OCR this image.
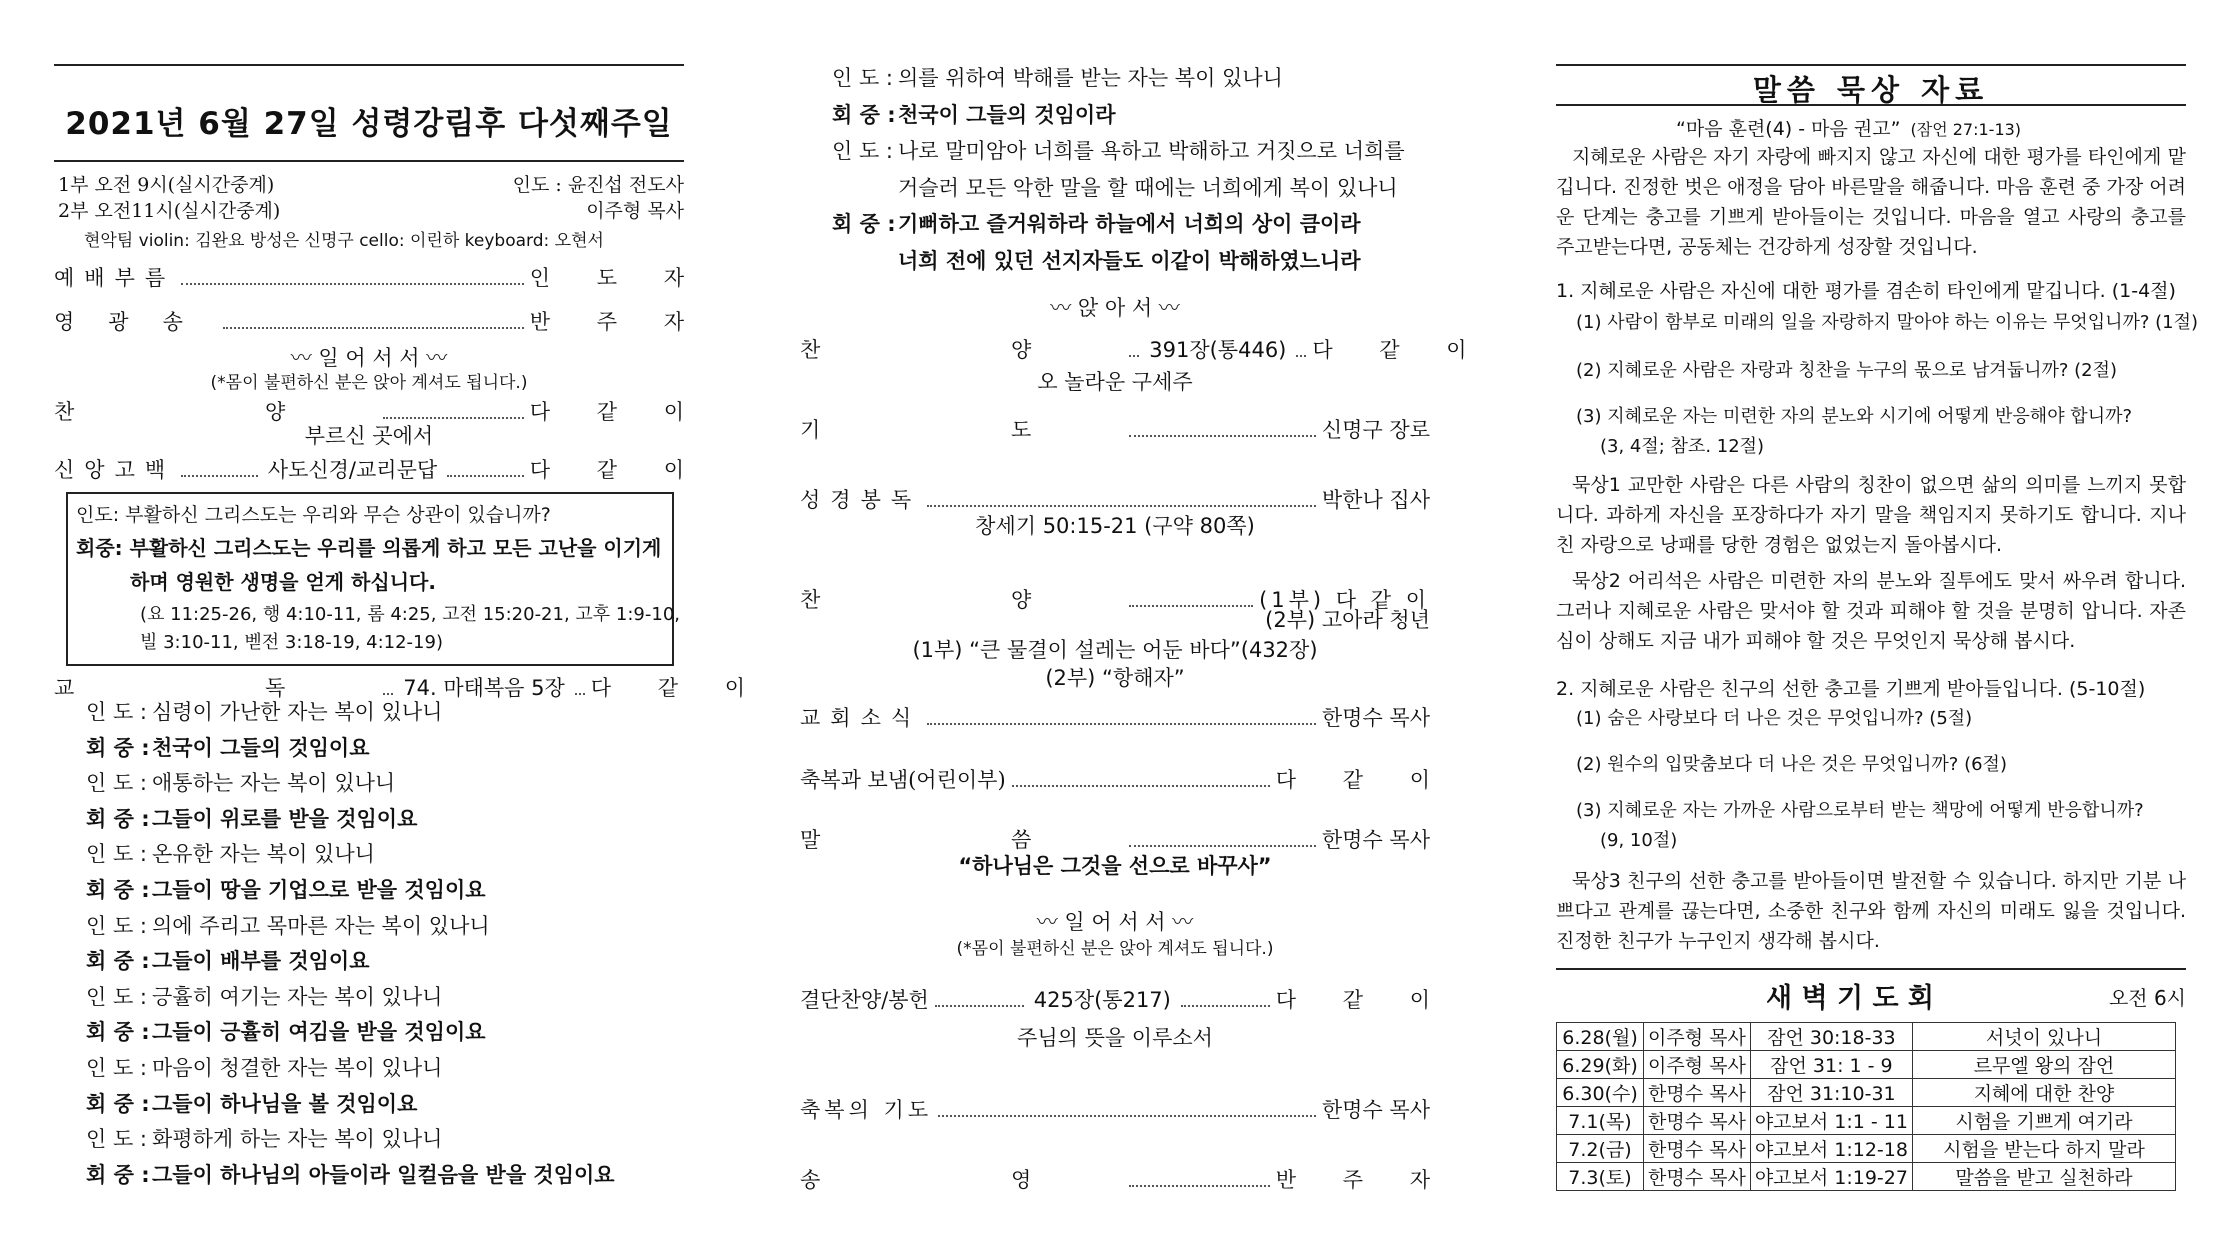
2021년 6월 27일 성령강림후 다섯째주일
1부 오전 9시(실시간중계)	인도 : 윤진섭 전도사
2부 오전11시(실시간중계)	이주형 목사
현악팀 violin: 김완요 방성은 신명구 cello: 이린하 keyboard: 오현서
예배부름	인 도 자
영광송	반 주 자
〰 일 어 서 서 〰
(*몸이 불편하신 분은 앉아 계셔도 됩니다.)
찬 양	다 같 이
부르신 곳에서
신앙고백	사도신경/교리문답	다 같 이
인도: 부활하신 그리스도는 우리와 무슨 상관이 있습니까?
회중: 부활하신 그리스도는 우리를 의롭게 하고 모든 고난을 이기게
하며 영원한 생명을 얻게 하십니다.
(요 11:25-26, 행 4:10-11, 롬 4:25, 고전 15:20-21, 고후 1:9-10,
빌 3:10-11, 벧전 3:18-19, 4:12-19)
교 독 74. 마태복음 5장 다 같 이
인 도 : 심령이 가난한 자는 복이 있나니
회 중 : 천국이 그들의 것임이요
인 도 : 애통하는 자는 복이 있나니
회 중 : 그들이 위로를 받을 것임이요
인 도 : 온유한 자는 복이 있나니
회 중 : 그들이 땅을 기업으로 받을 것임이요
인 도 : 의에 주리고 목마른 자는 복이 있나니
회 중 : 그들이 배부를 것임이요
인 도 : 긍휼히 여기는 자는 복이 있나니
회 중 : 그들이 긍휼히 여김을 받을 것임이요
인 도 : 마음이 청결한 자는 복이 있나니
회 중 : 그들이 하나님을 볼 것임이요
인 도 : 화평하게 하는 자는 복이 있나니
회 중 : 그들이 하나님의 아들이라 일컬음을 받을 것임이요
인 도 : 의를 위하여 박해를 받는 자는 복이 있나니
회 중 : 천국이 그들의 것임이라
인 도 : 나로 말미암아 너희를 욕하고 박해하고 거짓으로 너희를
거슬러 모든 악한 말을 할 때에는 너희에게 복이 있나니
회 중 : 기뻐하고 즐거워하라 하늘에서 너희의 상이 큼이라
너희 전에 있던 선지자들도 이같이 박해하였느니라
〰 앉 아 서 〰
찬 양 391장(통446) 다 같 이
오 놀라운 구세주
기 도	신명구 장로
성경봉독	박한나 집사
창세기 50:15-21 (구약 80쪽)
찬 양	(1부) 다 같 이
(2부) 고아라 청년
(1부) “큰 물결이 설레는 어둔 바다”(432장)
(2부) “항해자”
교회소식	한명수 목사
축복과 보냄(어린이부)	다 같 이
말 씀	한명수 목사
“하나님은 그것을 선으로 바꾸사”
〰 일 어 서 서 〰
(*몸이 불편하신 분은 앉아 계셔도 됩니다.)
결단찬양/봉헌	425장(통217)	다 같 이
주님의 뜻을 이루소서
축복의 기도	한명수 목사
송 영	반 주 자
말씀 묵상 자료
“마음 훈련(4) - 마음 권고” (잠언 27:1-13)
지혜로운 사람은 자기 자랑에 빠지지 않고 자신에 대한 평가를 타인에게 맡깁니다. 진정한 벗은 애정을 담아 바른말을 해줍니다. 마음 훈련 중 가장 어려운 단계는 충고를 기쁘게 받아들이는 것입니다. 마음을 열고 사랑의 충고를 주고받는다면, 공동체는 건강하게 성장할 것입니다.
1. 지혜로운 사람은 자신에 대한 평가를 겸손히 타인에게 맡깁니다. (1-4절)
(1) 사람이 함부로 미래의 일을 자랑하지 말아야 하는 이유는 무엇입니까? (1절)
(2) 지혜로운 사람은 자랑과 칭찬을 누구의 몫으로 남겨둡니까? (2절)
(3) 지혜로운 자는 미련한 자의 분노와 시기에 어떻게 반응해야 합니까?
(3, 4절; 참조. 12절)
묵상1 교만한 사람은 다른 사람의 칭찬이 없으면 삶의 의미를 느끼지 못합니다. 과하게 자신을 포장하다가 자기 말을 책임지지 못하기도 합니다. 지나친 자랑으로 낭패를 당한 경험은 없었는지 돌아봅시다.
묵상2 어리석은 사람은 미련한 자의 분노와 질투에도 맞서 싸우려 합니다. 그러나 지혜로운 사람은 맞서야 할 것과 피해야 할 것을 분명히 압니다. 자존심이 상해도 지금 내가 피해야 할 것은 무엇인지 묵상해 봅시다.
2. 지혜로운 사람은 친구의 선한 충고를 기쁘게 받아들입니다. (5-10절)
(1) 숨은 사랑보다 더 나은 것은 무엇입니까? (5절)
(2) 원수의 입맞춤보다 더 나은 것은 무엇입니까? (6절)
(3) 지혜로운 자는 가까운 사람으로부터 받는 책망에 어떻게 반응합니까?
(9, 10절)
묵상3 친구의 선한 충고를 받아들이면 발전할 수 있습니다. 하지만 기분 나쁘다고 관계를 끊는다면, 소중한 친구와 함께 자신의 미래도 잃을 것입니다. 진정한 친구가 누구인지 생각해 봅시다.
새 벽 기 도 회	오전 6시
6.28(월)	이주형 목사	잠언 30:18-33	서넛이 있나니
6.29(화)	이주형 목사	잠언 31: 1 - 9	르무엘 왕의 잠언
6.30(수)	한명수 목사	잠언 31:10-31	지혜에 대한 찬양
7.1(목)	한명수 목사	야고보서 1:1 - 11	시험을 기쁘게 여기라
7.2(금)	한명수 목사	야고보서 1:12-18	시험을 받는다 하지 말라
7.3(토)	한명수 목사	야고보서 1:19-27	말씀을 받고 실천하라
